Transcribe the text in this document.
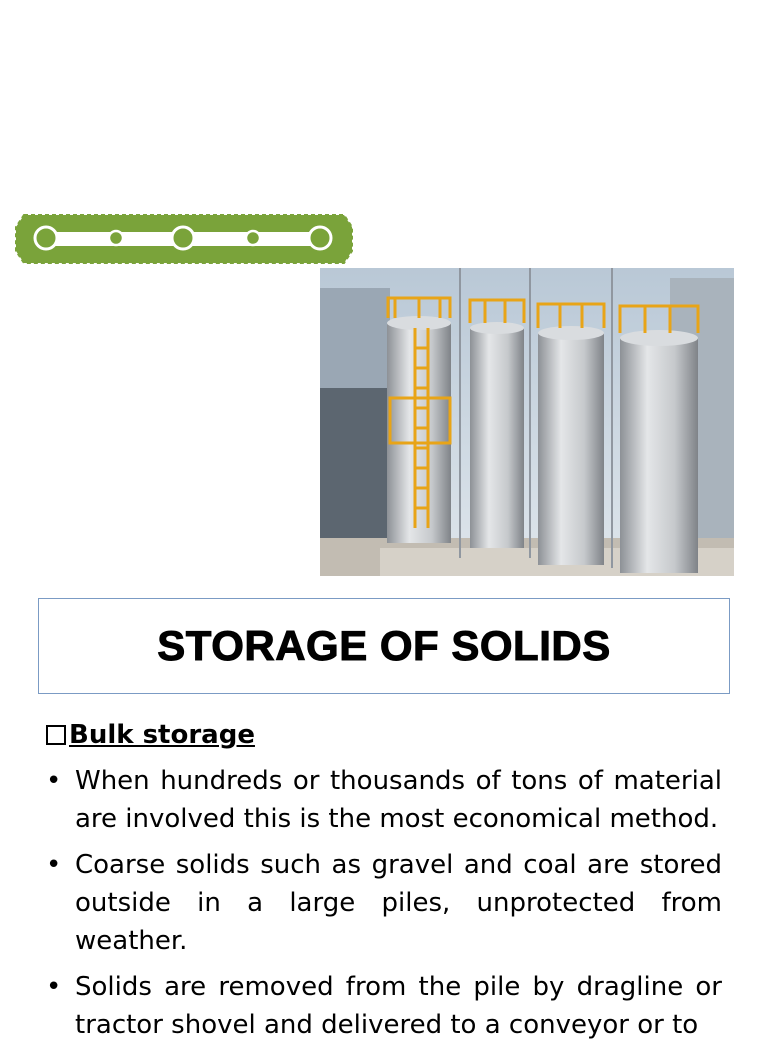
STORAGE OF SOLIDS
Bulk storage
• When hundreds or thousands of tons of material are involved this is the most economical method.
• Coarse solids such as gravel and coal are stored outside in a large piles, unprotected from weather.
• Solids are removed from the pile by dragline or tractor shovel and delivered to a conveyor or to
